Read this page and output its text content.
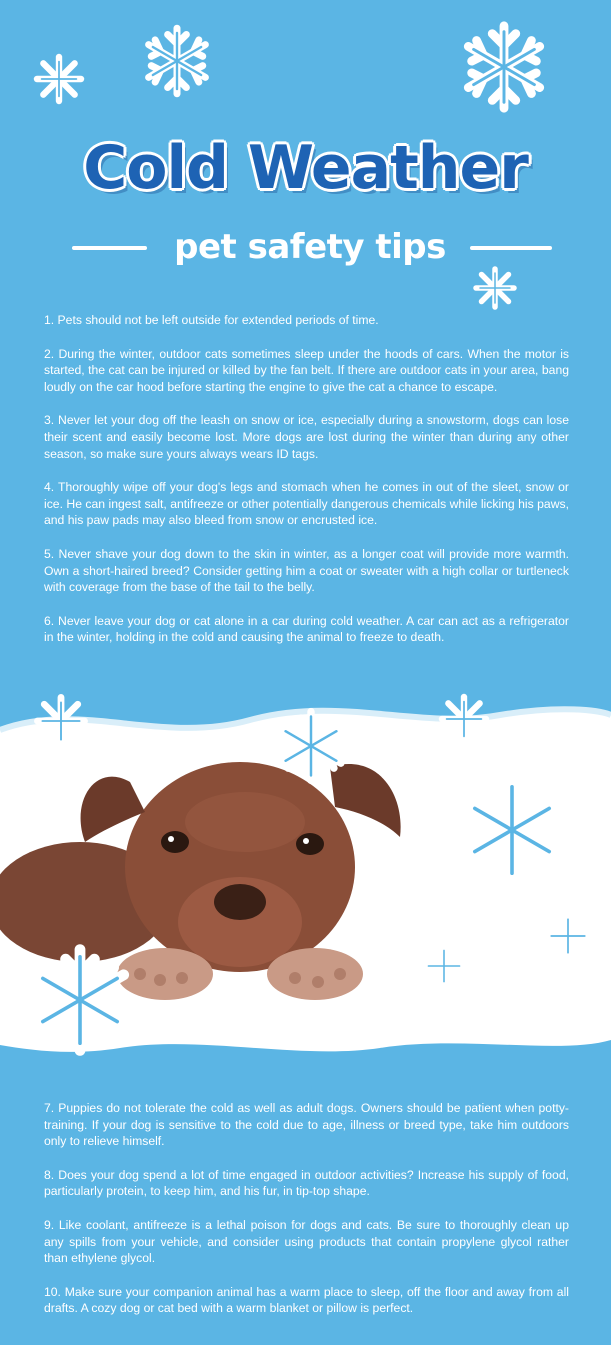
Cold Weather
pet safety tips

1. Pets should not be left outside for extended periods of time.

2. During the winter, outdoor cats sometimes sleep under the hoods of cars. When the motor is started, the cat can be injured or killed by the fan belt. If there are outdoor cats in your area, bang loudly on the car hood before starting the engine to give the cat a chance to escape.

3. Never let your dog off the leash on snow or ice, especially during a snowstorm, dogs can lose their scent and easily become lost. More dogs are lost during the winter than during any other season, so make sure yours always wears ID tags.

4. Thoroughly wipe off your dog's legs and stomach when he comes in out of the sleet, snow or ice. He can ingest salt, antifreeze or other potentially dangerous chemicals while licking his paws, and his paw pads may also bleed from snow or encrusted ice.

5. Never shave your dog down to the skin in winter, as a longer coat will provide more warmth. Own a short-haired breed? Consider getting him a coat or sweater with a high collar or turtleneck with coverage from the base of the tail to the belly.

6. Never leave your dog or cat alone in a car during cold weather. A car can act as a refrigerator in the winter, holding in the cold and causing the animal to freeze to death.

7. Puppies do not tolerate the cold as well as adult dogs. Owners should be patient when potty-training. If your dog is sensitive to the cold due to age, illness or breed type, take him outdoors only to relieve himself.

8. Does your dog spend a lot of time engaged in outdoor activities? Increase his supply of food, particularly protein, to keep him, and his fur, in tip-top shape.

9. Like coolant, antifreeze is a lethal poison for dogs and cats. Be sure to thoroughly clean up any spills from your vehicle, and consider using products that contain propylene glycol rather than ethylene glycol.

10. Make sure your companion animal has a warm place to sleep, off the floor and away from all drafts. A cozy dog or cat bed with a warm blanket or pillow is perfect.
